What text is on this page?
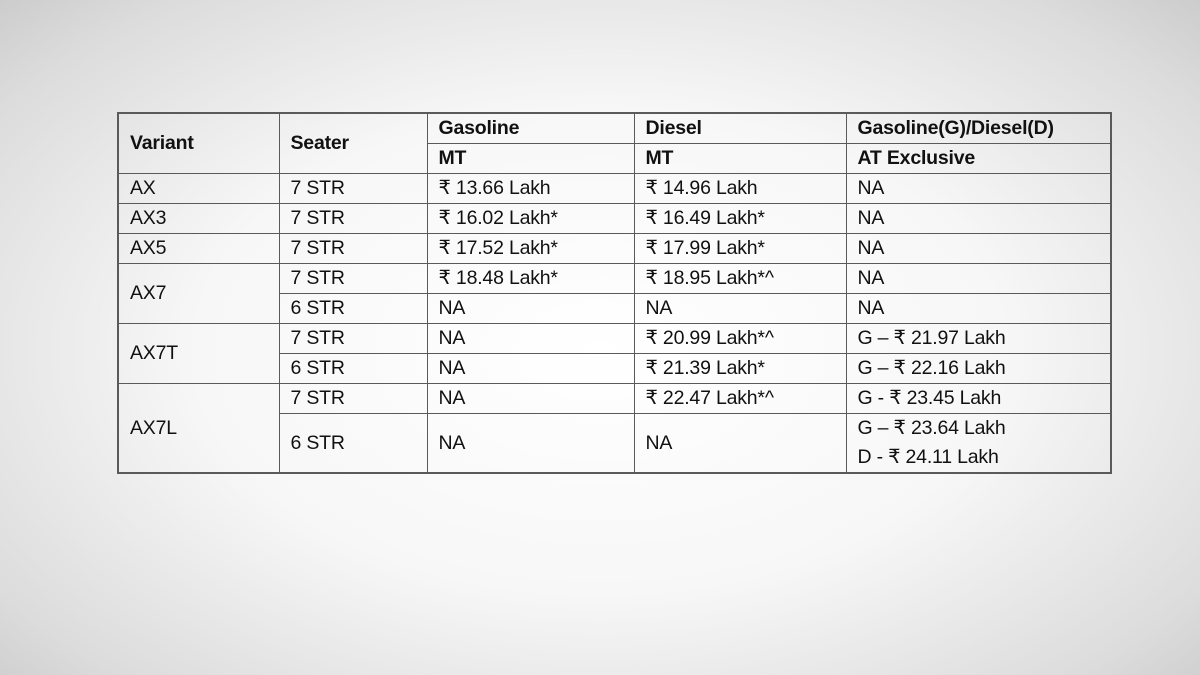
Variant	Seater	Gasoline	Diesel	Gasoline(G)/Diesel(D)
		MT	MT	AT Exclusive
AX	7 STR	₹ 13.66 Lakh	₹ 14.96 Lakh	NA
AX3	7 STR	₹ 16.02 Lakh*	₹ 16.49 Lakh*	NA
AX5	7 STR	₹ 17.52 Lakh*	₹ 17.99 Lakh*	NA
AX7	7 STR	₹ 18.48 Lakh*	₹ 18.95 Lakh*^	NA
	6 STR	NA	NA	NA
AX7T	7 STR	NA	₹ 20.99 Lakh*^	G – ₹ 21.97 Lakh
	6 STR	NA	₹ 21.39 Lakh*	G – ₹ 22.16 Lakh
AX7L	7 STR	NA	₹ 22.47 Lakh*^	G - ₹ 23.45 Lakh
	6 STR	NA	NA	G – ₹ 23.64 Lakh
D - ₹ 24.11 Lakh
